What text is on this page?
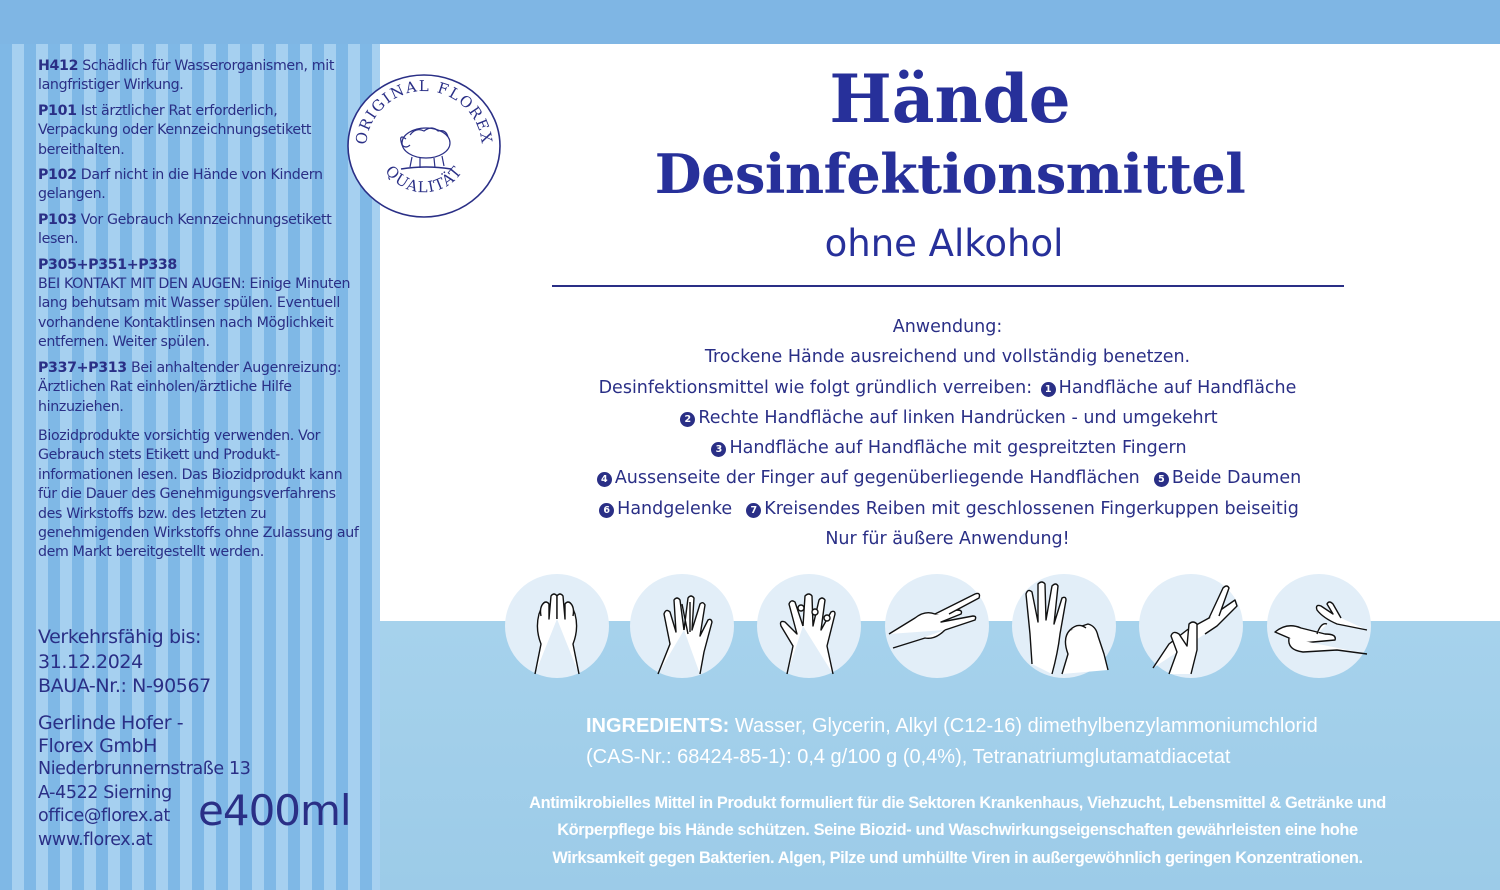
H412 Schädlich für Wasserorganismen, mit langfristiger Wirkung.
P101 Ist ärztlicher Rat erforderlich, Verpackung oder Kennzeichnungsetikett bereithalten.
P102 Darf nicht in die Hände von Kindern gelangen.
P103 Vor Gebrauch Kennzeichnungsetikett lesen.
P305+P351+P338
BEI KONTAKT MIT DEN AUGEN: Einige Minuten lang behutsam mit Wasser spülen. Eventuell vorhandene Kontaktlinsen nach Möglichkeit entfernen. Weiter spülen.
P337+P313 Bei anhaltender Augenreizung: Ärztlichen Rat einholen/ärztliche Hilfe hinzuziehen.
Biozidprodukte vorsichtig verwenden. Vor Gebrauch stets Etikett und Produktinformationen lesen. Das Biozidprodukt kann für die Dauer des Genehmigungsverfahrens des Wirkstoffs bzw. des letzten zu genehmigenden Wirkstoffs ohne Zulassung auf dem Markt bereitgestellt werden.
Verkehrsfähig bis:
31.12.2024
BAUA-Nr.: N-90567
Gerlinde Hofer -
Florex GmbH
Niederbrunnernstraße 13
A-4522 Sierning
office@florex.at
www.florex.at
e400ml
ORIGINAL FLOREX
QUALITÄT
Hände
Desinfektionsmittel
ohne Alkohol
Anwendung:
Trockene Hände ausreichend und vollständig benetzen.
Desinfektionsmittel wie folgt gründlich verreiben: 1 Handfläche auf Handfläche
2 Rechte Handfläche auf linken Handrücken - und umgekehrt
3 Handfläche auf Handfläche mit gespreitzten Fingern
4 Aussenseite der Finger auf gegenüberliegende Handflächen 5 Beide Daumen
6 Handgelenke 7 Kreisendes Reiben mit geschlossenen Fingerkuppen beiseitig
Nur für äußere Anwendung!
INGREDIENTS: Wasser, Glycerin, Alkyl (C12-16) dimethylbenzylammoniumchlorid
(CAS-Nr.: 68424-85-1): 0,4 g/100 g (0,4%), Tetranatriumglutamatdiacetat
Antimikrobielles Mittel in Produkt formuliert für die Sektoren Krankenhaus, Viehzucht, Lebensmittel & Getränke und
Körperpflege bis Hände schützen. Seine Biozid- und Waschwirkungseigenschaften gewährleisten eine hohe
Wirksamkeit gegen Bakterien. Algen, Pilze und umhüllte Viren in außergewöhnlich geringen Konzentrationen.
